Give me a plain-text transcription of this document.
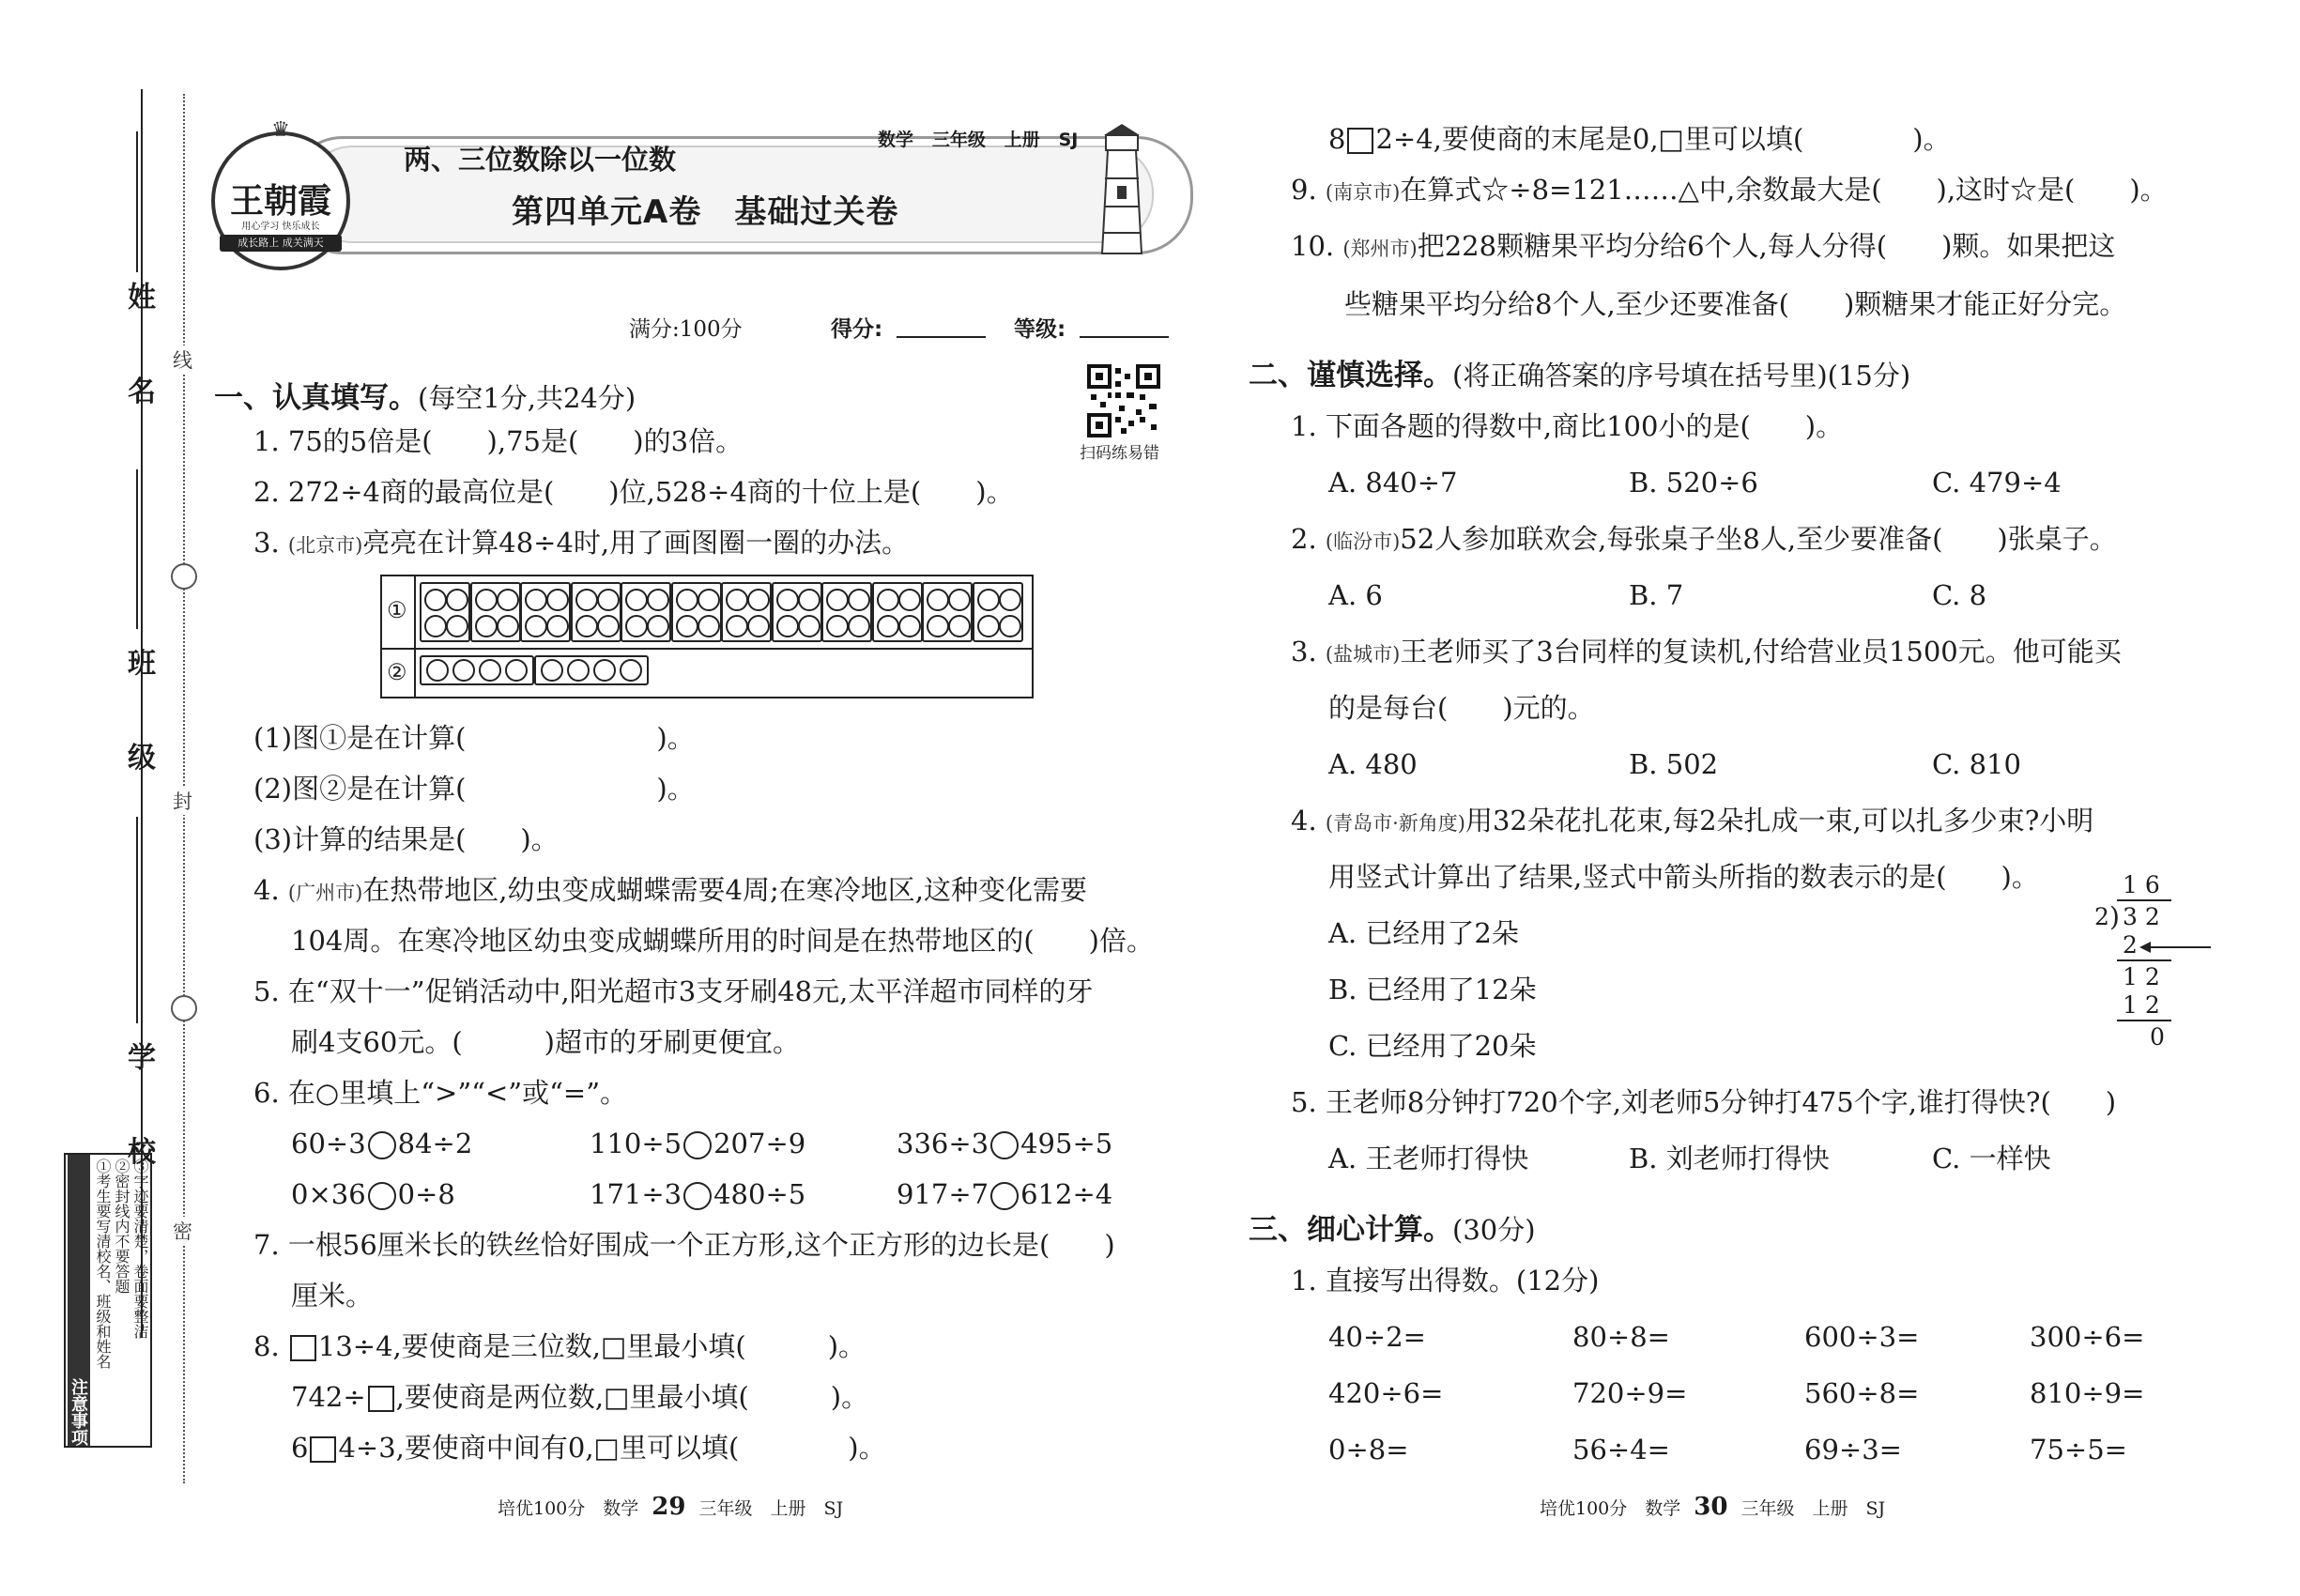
线
封
密
姓 名
班 级
学 校
注意事项
①考生要写清校名、班级和姓名 ②密封线内不要答题 ③字迹要清楚，卷面要整洁
♛
王朝霞
用心学习 快乐成长
成长路上 成关满天
两、三位数除以一位数
数学 三年级 上册 SJ
第四单元A卷　基础过关卷
满分:100分	得分:	等级:
扫码练易错
一、认真填写。(每空1分,共24分)
1. 75的5倍是(　　),75是(　　)的3倍。
2. 272÷4商的最高位是(　　)位,528÷4商的十位上是(　　)。
3. (北京市)亮亮在计算48÷4时,用了画图圈一圈的办法。
①
②
(1)图①是在计算(　　　　　　　)。
(2)图②是在计算(　　　　　　　)。
(3)计算的结果是(　　)。
4. (广州市)在热带地区,幼虫变成蝴蝶需要4周;在寒冷地区,这种变化需要
104周。在寒冷地区幼虫变成蝴蝶所用的时间是在热带地区的(　　)倍。
5. 在“双十一”促销活动中,阳光超市3支牙刷48元,太平洋超市同样的牙
刷4支60元。(　　　)超市的牙刷更便宜。
6. 在○里填上“>”“<”或“=”。
60÷3 84÷2	110÷5 207÷9	336÷3 495÷5
0×36 0÷8	171÷3 480÷5	917÷7 612÷4
7. 一根56厘米长的铁丝恰好围成一个正方形,这个正方形的边长是(　　)
厘米。
8. 13÷4,要使商是三位数,□里最小填(　　　)。
742÷ ,要使商是两位数,□里最小填(　　　)。
6 4÷3,要使商中间有0,□里可以填(　　　　)。
培优100分　数学 29 三年级　上册　SJ
8 2÷4,要使商的末尾是0,□里可以填(　　　　)。
9. (南京市)在算式☆÷8=121……△中,余数最大是(　　),这时☆是(　　)。
10. (郑州市)把228颗糖果平均分给6个人,每人分得(　　)颗。如果把这
些糖果平均分给8个人,至少还要准备(　　)颗糖果才能正好分完。
二、谨慎选择。(将正确答案的序号填在括号里)(15分)
1. 下面各题的得数中,商比100小的是(　　)。
A. 840÷7	B. 520÷6	C. 479÷4
2. (临汾市)52人参加联欢会,每张桌子坐8人,至少要准备(　　)张桌子。
A. 6	B. 7	C. 8
3. (盐城市)王老师买了3台同样的复读机,付给营业员1500元。他可能买
的是每台(　　)元的。
A. 480	B. 502	C. 810
4. (青岛市·新角度)用32朵花扎花束,每2朵扎成一束,可以扎多少束?小明
用竖式计算出了结果,竖式中箭头所指的数表示的是(　　)。
A. 已经用了2朵
B. 已经用了12朵
C. 已经用了20朵
1 6
2 ) 3 2
2
1 2
1 2
0
5. 王老师8分钟打720个字,刘老师5分钟打475个字,谁打得快?(　　)
A. 王老师打得快	B. 刘老师打得快	C. 一样快
三、细心计算。(30分)
1. 直接写出得数。(12分)
40÷2=	80÷8=	600÷3=	300÷6=
420÷6=	720÷9=	560÷8=	810÷9=
0÷8=	56÷4=	69÷3=	75÷5=
培优100分　数学 30 三年级　上册　SJ
